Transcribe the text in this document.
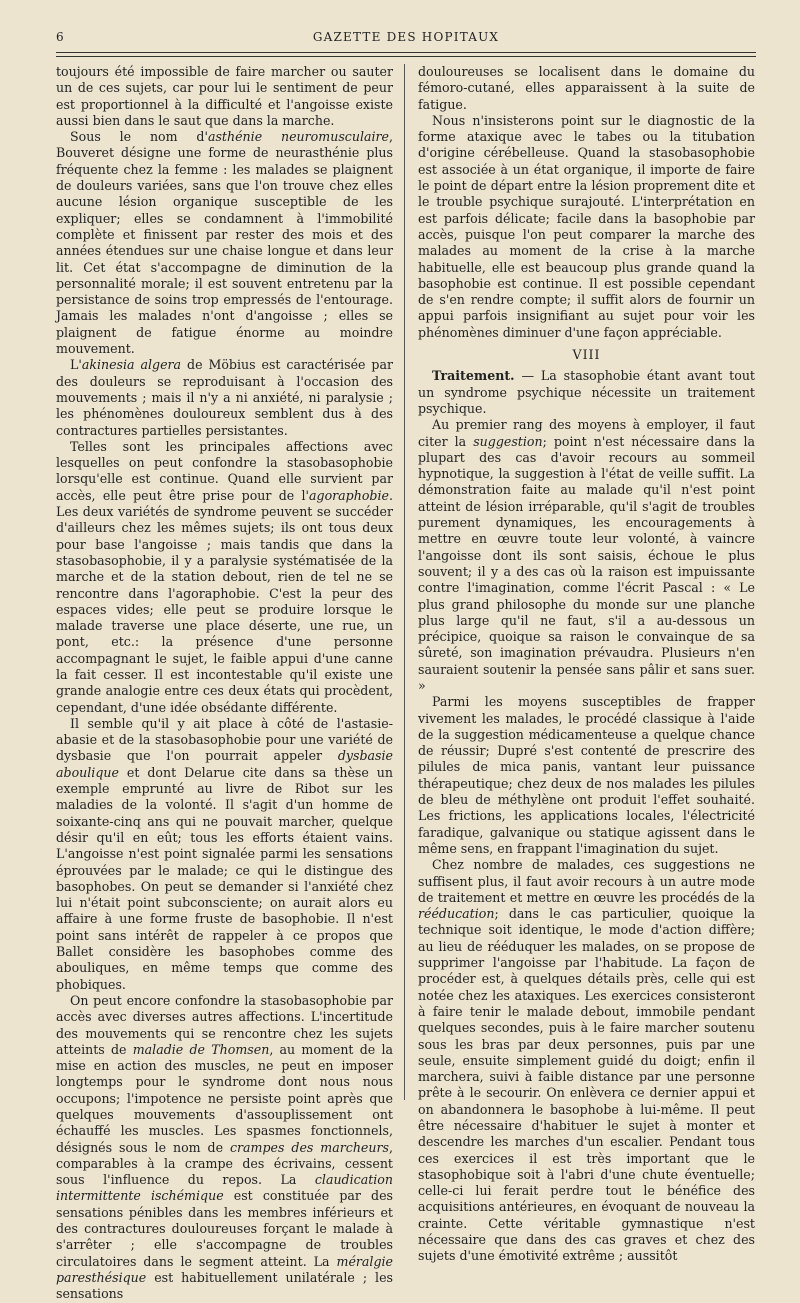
6	GAZETTE DES HOPITAUX

toujours été impossible de faire marcher ou sauter un de ces sujets, car pour lui le sentiment de peur est proportionnel à la difficulté et l'angoisse existe aussi bien dans le saut que dans la marche.

Sous le nom d'asthénie neuromusculaire, Bouveret désigne une forme de neurasthénie plus fréquente chez la femme : les malades se plaignent de douleurs variées, sans que l'on trouve chez elles aucune lésion organique susceptible de les expliquer; elles se condamnent à l'immobilité complète et finissent par rester des mois et des années étendues sur une chaise longue et dans leur lit. Cet état s'accompagne de diminution de la personnalité morale; il est souvent entretenu par la persistance de soins trop empressés de l'entourage. Jamais les malades n'ont d'angoisse ; elles se plaignent de fatigue énorme au moindre mouvement.

L'akinesia algera de Möbius est caractérisée par des douleurs se reproduisant à l'occasion des mouvements ; mais il n'y a ni anxiété, ni paralysie ; les phénomènes douloureux semblent dus à des contractures partielles persistantes.

Telles sont les principales affections avec lesquelles on peut confondre la stasobasophobie lorsqu'elle est continue. Quand elle survient par accès, elle peut être prise pour de l'agoraphobie. Les deux variétés de syndrome peuvent se succéder d'ailleurs chez les mêmes sujets; ils ont tous deux pour base l'angoisse ; mais tandis que dans la stasobasophobie, il y a paralysie systématisée de la marche et de la station debout, rien de tel ne se rencontre dans l'agoraphobie. C'est la peur des espaces vides; elle peut se produire lorsque le malade traverse une place déserte, une rue, un pont, etc.: la présence d'une personne accompagnant le sujet, le faible appui d'une canne la fait cesser. Il est incontestable qu'il existe une grande analogie entre ces deux états qui procèdent, cependant, d'une idée obsédante différente.

Il semble qu'il y ait place à côté de l'astasie-abasie et de la stasobasophobie pour une variété de dysbasie que l'on pourrait appeler dysbasie aboulique et dont Delarue cite dans sa thèse un exemple emprunté au livre de Ribot sur les maladies de la volonté. Il s'agit d'un homme de soixante-cinq ans qui ne pouvait marcher, quelque désir qu'il en eût; tous les efforts étaient vains. L'angoisse n'est point signalée parmi les sensations éprouvées par le malade; ce qui le distingue des basophobes. On peut se demander si l'anxiété chez lui n'était point subconsciente; on aurait alors eu affaire à une forme fruste de basophobie. Il n'est point sans intérêt de rappeler à ce propos que Ballet considère les basophobes comme des abouliques, en même temps que comme des phobiques.

On peut encore confondre la stasobasophobie par accès avec diverses autres affections. L'incertitude des mouvements qui se rencontre chez les sujets atteints de maladie de Thomsen, au moment de la mise en action des muscles, ne peut en imposer longtemps pour le syndrome dont nous nous occupons; l'impotence ne persiste point après que quelques mouvements d'assouplissement ont échauffé les muscles. Les spasmes fonctionnels, désignés sous le nom de crampes des marcheurs, comparables à la crampe des écrivains, cessent sous l'influence du repos. La claudication intermittente ischémique est constituée par des sensations pénibles dans les membres inférieurs et des contractures douloureuses forçant le malade à s'arrêter ; elle s'accompagne de troubles circulatoires dans le segment atteint. La méralgie paresthésique est habituellement unilatérale ; les sensations

douloureuses se localisent dans le domaine du fémoro-cutané, elles apparaissent à la suite de fatigue.

Nous n'insisterons point sur le diagnostic de la forme ataxique avec le tabes ou la titubation d'origine cérébelleuse. Quand la stasobasophobie est associée à un état organique, il importe de faire le point de départ entre la lésion proprement dite et le trouble psychique surajouté. L'interprétation en est parfois délicate; facile dans la basophobie par accès, puisque l'on peut comparer la marche des malades au moment de la crise à la marche habituelle, elle est beaucoup plus grande quand la basophobie est continue. Il est possible cependant de s'en rendre compte; il suffit alors de fournir un appui parfois insignifiant au sujet pour voir les phénomènes diminuer d'une façon appréciable.

VIII

Traitement. — La stasophobie étant avant tout un syndrome psychique nécessite un traitement psychique.

Au premier rang des moyens à employer, il faut citer la suggestion; point n'est nécessaire dans la plupart des cas d'avoir recours au sommeil hypnotique, la suggestion à l'état de veille suffit. La démonstration faite au malade qu'il n'est point atteint de lésion irréparable, qu'il s'agit de troubles purement dynamiques, les encouragements à mettre en œuvre toute leur volonté, à vaincre l'angoisse dont ils sont saisis, échoue le plus souvent; il y a des cas où la raison est impuissante contre l'imagination, comme l'écrit Pascal : « Le plus grand philosophe du monde sur une planche plus large qu'il ne faut, s'il a au-dessous un précipice, quoique sa raison le convainque de sa sûreté, son imagination prévaudra. Plusieurs n'en sauraient soutenir la pensée sans pâlir et sans suer. »

Parmi les moyens susceptibles de frapper vivement les malades, le procédé classique à l'aide de la suggestion médicamenteuse a quelque chance de réussir; Dupré s'est contenté de prescrire des pilules de mica panis, vantant leur puissance thérapeutique; chez deux de nos malades les pilules de bleu de méthylène ont produit l'effet souhaité. Les frictions, les applications locales, l'électricité faradique, galvanique ou statique agissent dans le même sens, en frappant l'imagination du sujet.

Chez nombre de malades, ces suggestions ne suffisent plus, il faut avoir recours à un autre mode de traitement et mettre en œuvre les procédés de la rééducation; dans le cas particulier, quoique la technique soit identique, le mode d'action diffère; au lieu de rééduquer les malades, on se propose de supprimer l'angoisse par l'habitude. La façon de procéder est, à quelques détails près, celle qui est notée chez les ataxiques. Les exercices consisteront à faire tenir le malade debout, immobile pendant quelques secondes, puis à le faire marcher soutenu sous les bras par deux personnes, puis par une seule, ensuite simplement guidé du doigt; enfin il marchera, suivi à faible distance par une personne prête à le secourir. On enlèvera ce dernier appui et on abandonnera le basophobe à lui-même. Il peut être nécessaire d'habituer le sujet à monter et descendre les marches d'un escalier. Pendant tous ces exercices il est très important que le stasophobique soit à l'abri d'une chute éventuelle; celle-ci lui ferait perdre tout le bénéfice des acquisitions antérieures, en évoquant de nouveau la crainte. Cette véritable gymnastique n'est nécessaire que dans des cas graves et chez des sujets d'une émotivité extrême ; aussitôt
